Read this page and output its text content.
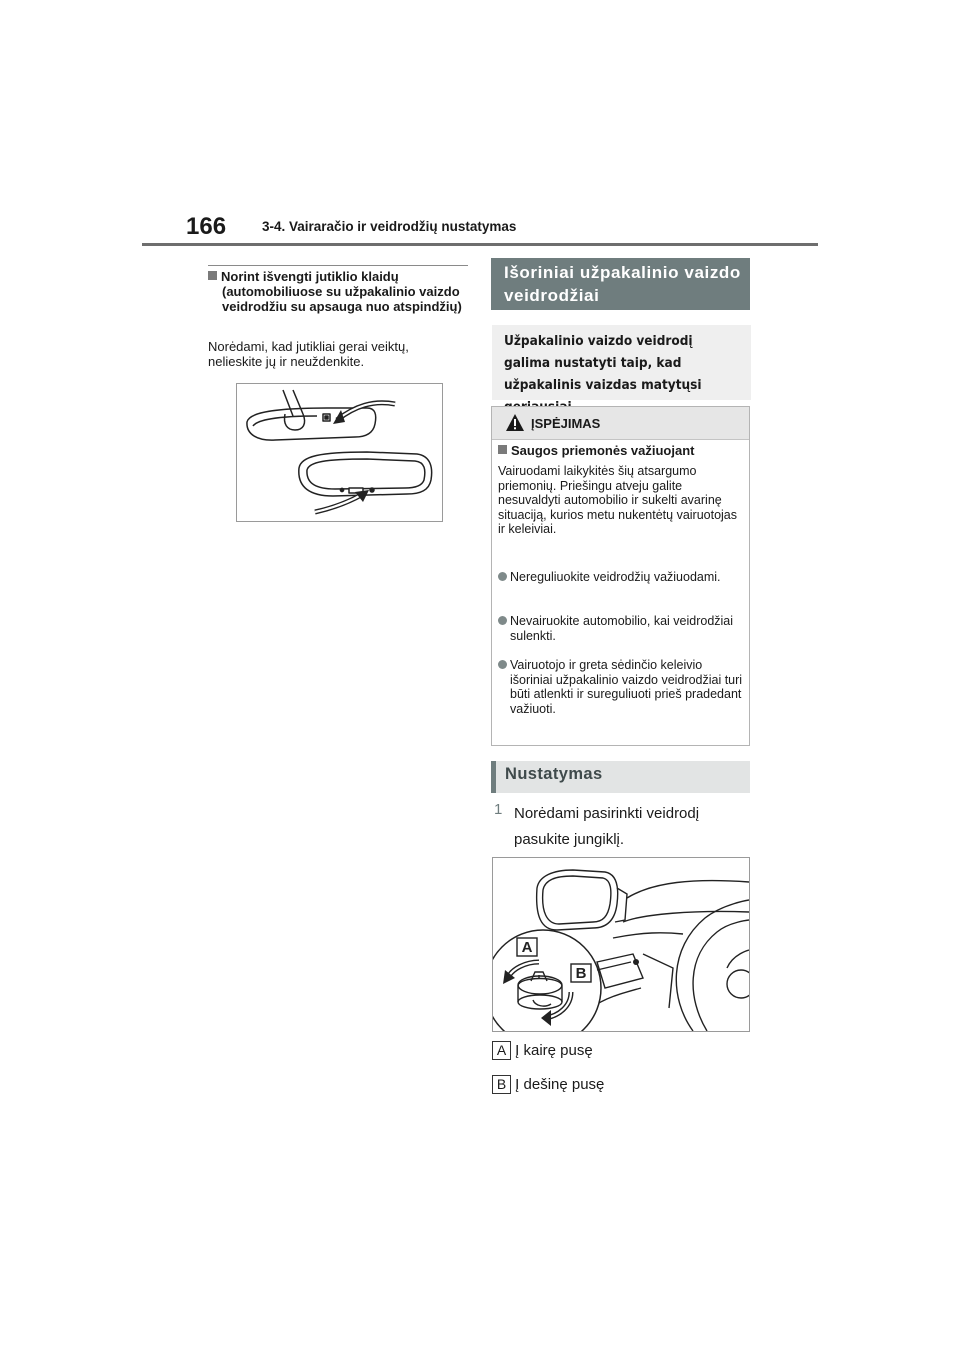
166	3-4. Vairaračio ir veidrodžių nustatymas
Norint išvengti jutiklio klaidų
(automobiliuose su užpakalinio vaizdo veidrodžiu su apsauga nuo atspindžių)
Norėdami, kad jutikliai gerai veiktų, nelieskite jų ir neuždenkite.
Išoriniai užpakalinio vaizdo veidrodžiai
Užpakalinio vaizdo veidrodį galima nustatyti taip, kad užpakalinis vaizdas matytųsi
ĮSPĖJIMAS
Saugos priemonės važiuojant
Vairuodami laikykitės šių atsargumo priemonių. Priešingu atveju galite nesuvaldyti automobilio ir sukelti avarinę situaciją, kurios metu nukentėtų vairuotojas ir keleiviai.
Nereguliuokite veidrodžių važiuodami.
Nevairuokite automobilio, kai veidrodžiai sulenkti.
Vairuotojo ir greta sėdinčio keleivio išoriniai užpakalinio vaizdo veidrodžiai turi būti atlenkti ir sureguliuoti prieš pradedant važiuoti.
Nustatymas
1 Norėdami pasirinkti veidrodį pasukite jungiklį.
A
B
A Į kairę pusę
B Į dešinę pusę
